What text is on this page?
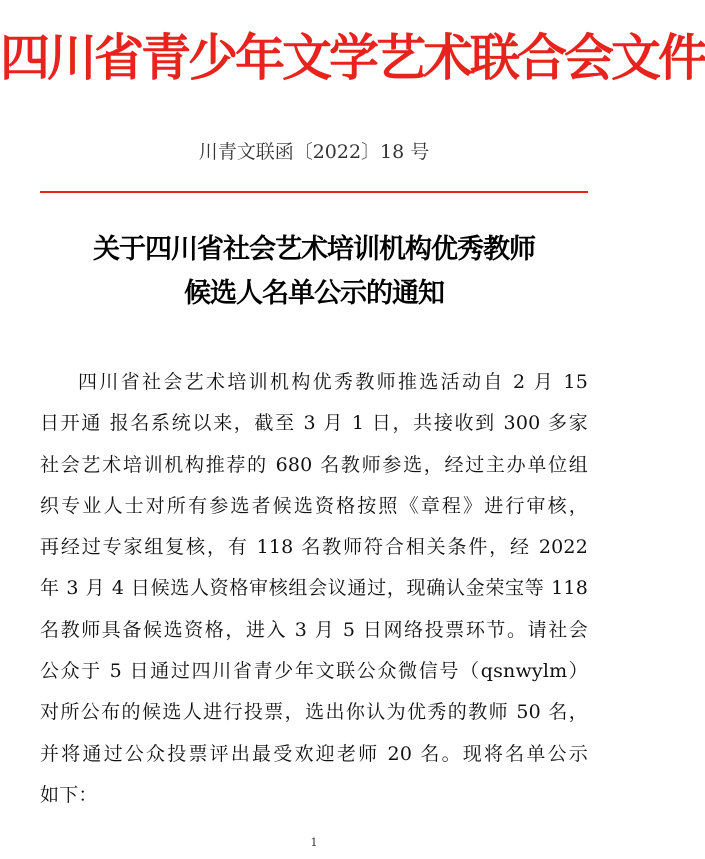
四川省青少年文学艺术联合会文件
川青文联函〔2022〕18 号
关于四川省社会艺术培训机构优秀教师
候选人名单公示的通知
四川省社会艺术培训机构优秀教师推选活动自 2 月 15
日开通 报名系统以来，截至 3 月 1 日，共接收到 300 多家
社会艺术培训机构推荐的 680 名教师参选，经过主办单位组
织专业人士对所有参选者候选资格按照《章程》进行审核，
再经过专家组复核，有 118 名教师符合相关条件，经 2022
年 3 月 4 日候选人资格审核组会议通过，现确认金荣宝等 118
名教师具备候选资格，进入 3 月 5 日网络投票环节。请社会
公众于 5 日通过四川省青少年文联公众微信号（qsnwylm）
对所公布的候选人进行投票，选出你认为优秀的教师 50 名，
并将通过公众投票评出最受欢迎老师 20 名。现将名单公示
如下：
1
